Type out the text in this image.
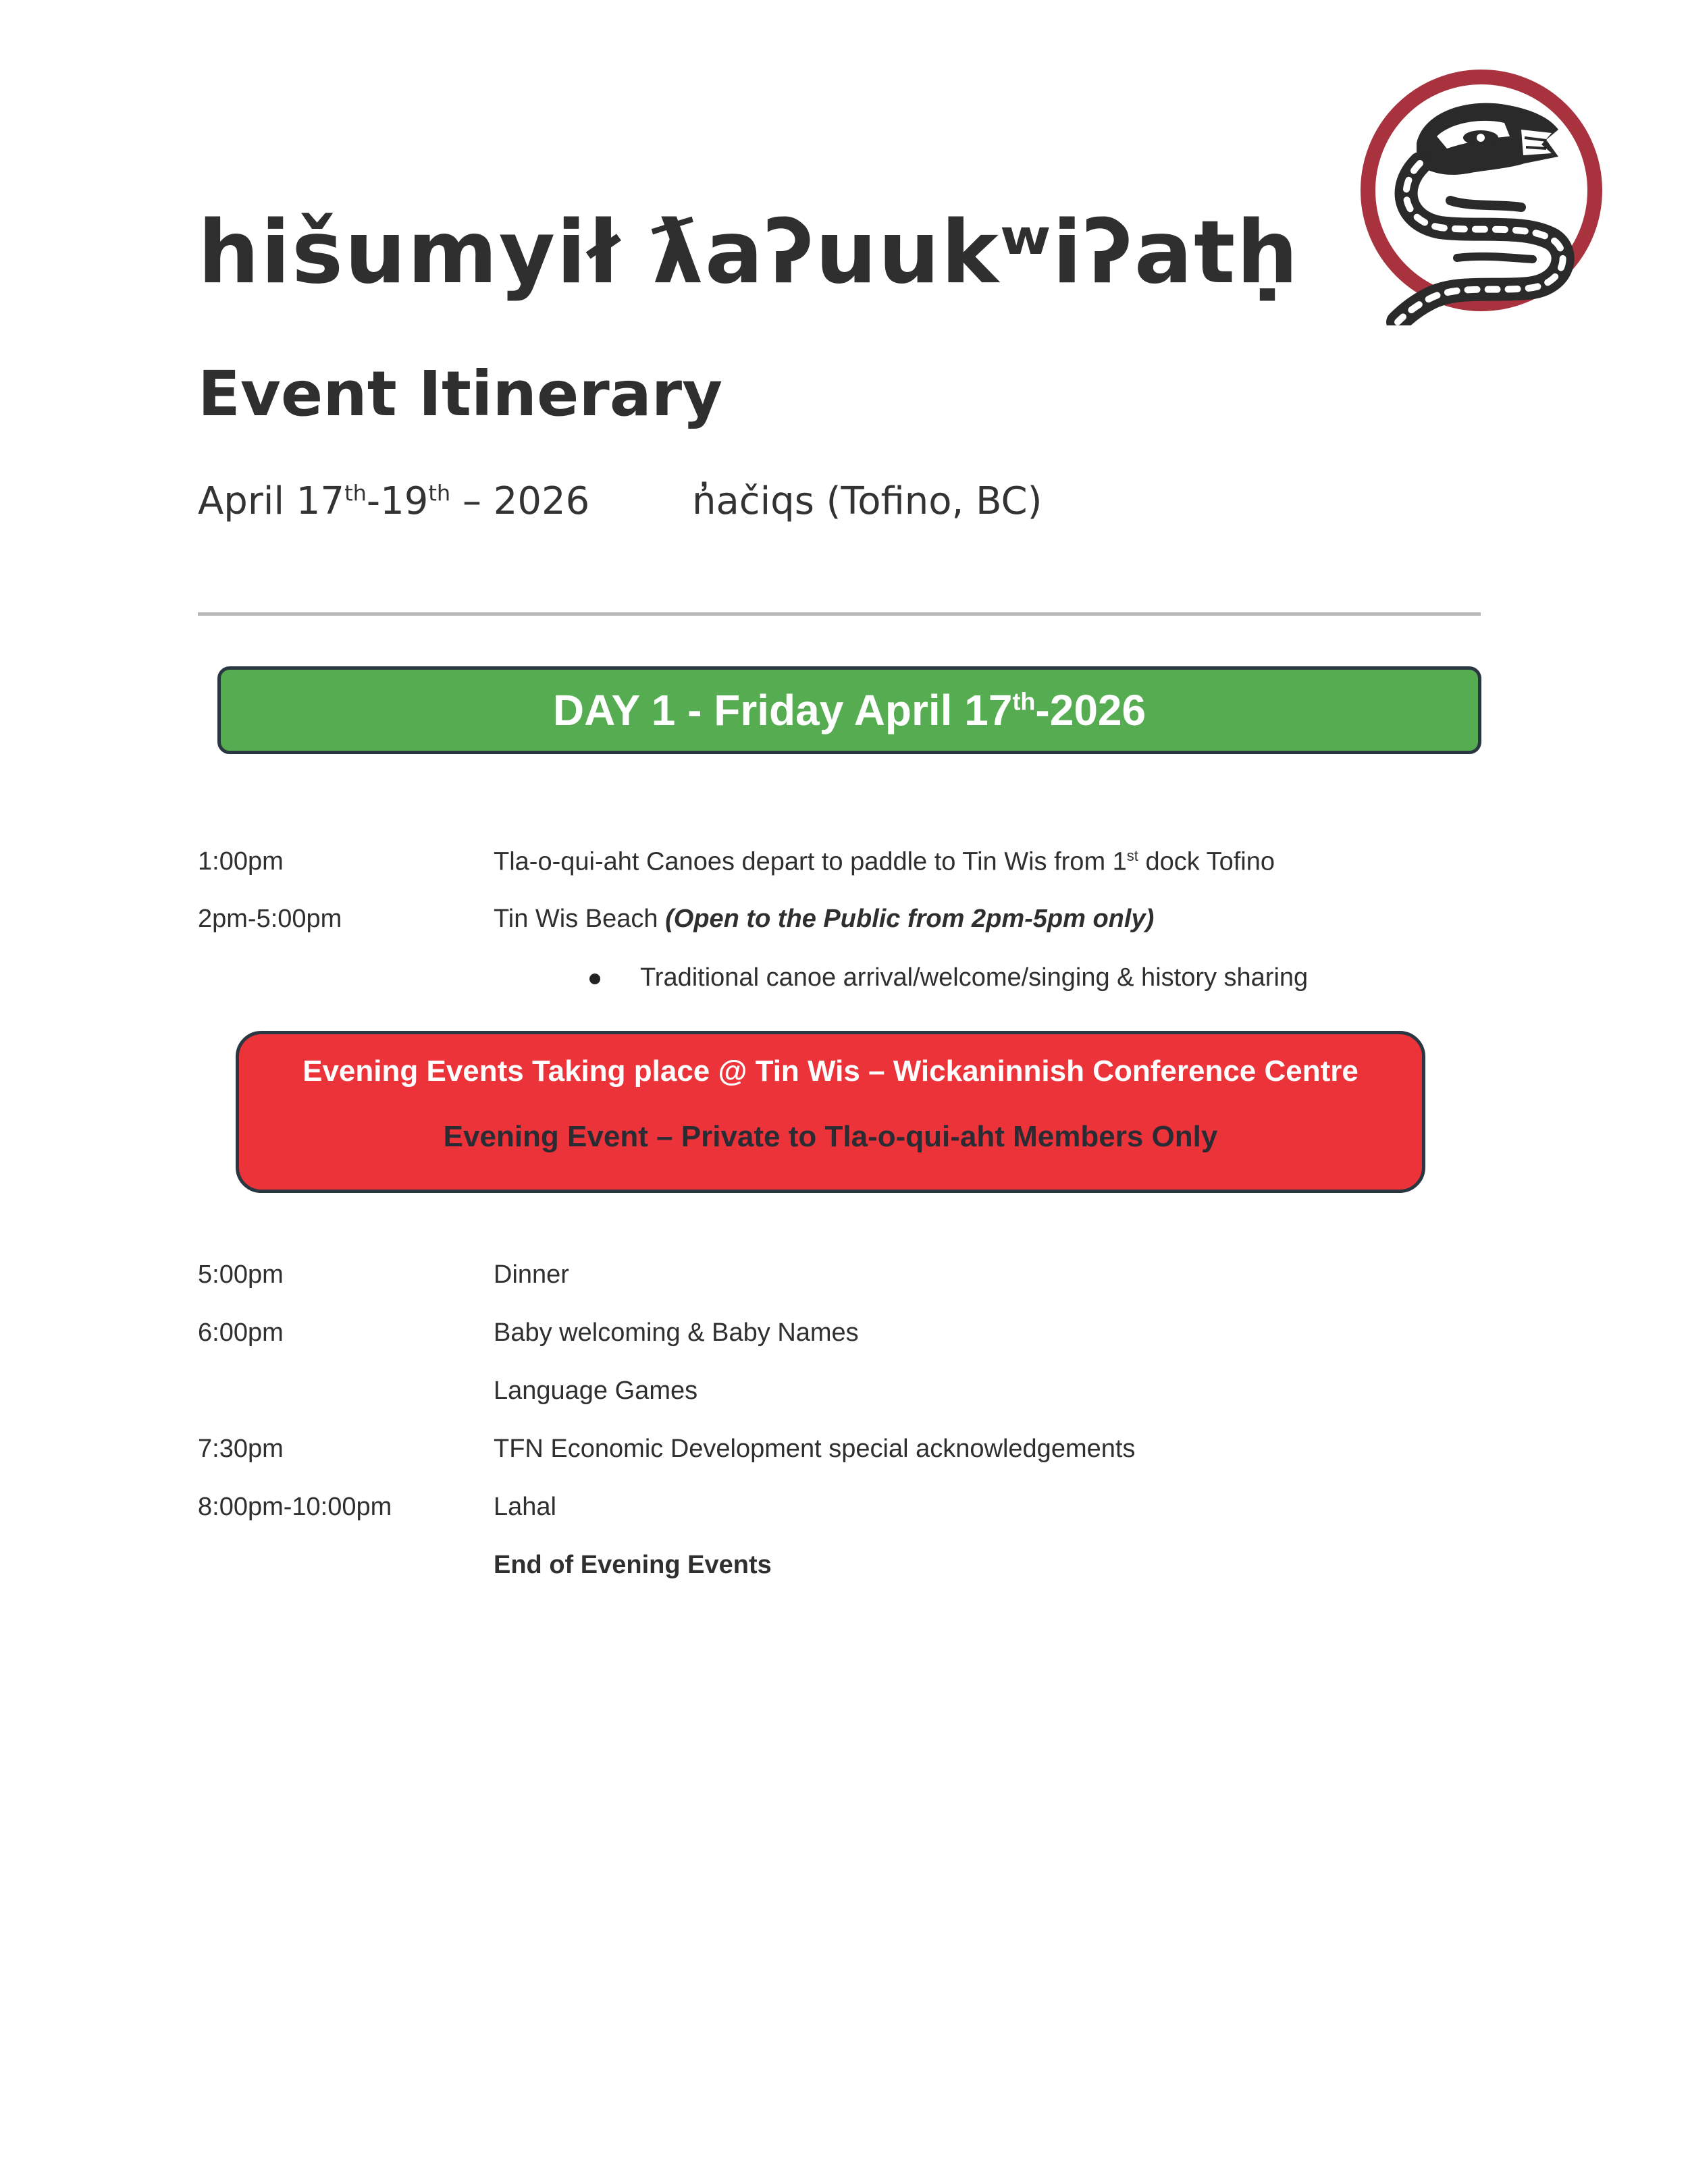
hišumyił ƛaʔuukʷiʔatḥ
Event Itinerary
April 17th-19th – 2026	n̓ačiqs (Tofino, BC)
DAY 1 - Friday April 17th-2026
1:00pm	Tla-o-qui-aht Canoes depart to paddle to Tin Wis from 1st dock Tofino
2pm-5:00pm	Tin Wis Beach (Open to the Public from 2pm-5pm only)
Traditional canoe arrival/welcome/singing & history sharing
Evening Events Taking place @ Tin Wis – Wickaninnish Conference Centre
Evening Event – Private to Tla-o-qui-aht Members Only
5:00pm	Dinner
6:00pm	Baby welcoming & Baby Names
Language Games
7:30pm	TFN Economic Development special acknowledgements
8:00pm-10:00pm	Lahal
End of Evening Events
